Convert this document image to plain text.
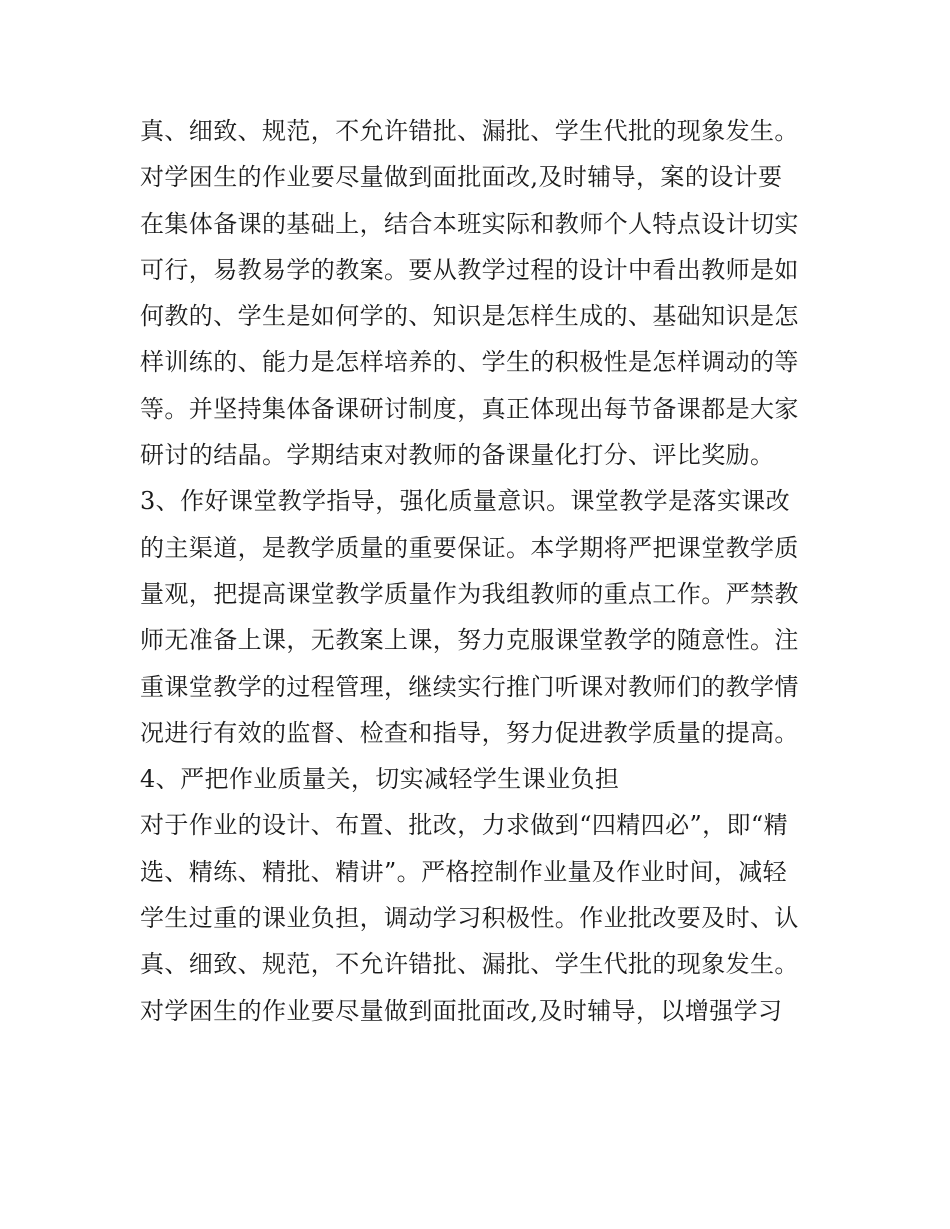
真、细致、规范，不允许错批、漏批、学生代批的现象发生。
对学困生的作业要尽量做到面批面改,及时辅导，案的设计要
在集体备课的基础上，结合本班实际和教师个人特点设计切实
可行，易教易学的教案。要从教学过程的设计中看出教师是如
何教的、学生是如何学的、知识是怎样生成的、基础知识是怎
样训练的、能力是怎样培养的、学生的积极性是怎样调动的等
等。并坚持集体备课研讨制度，真正体现出每节备课都是大家
研讨的结晶。学期结束对教师的备课量化打分、评比奖励。
3、作好课堂教学指导，强化质量意识。课堂教学是落实课改
的主渠道，是教学质量的重要保证。本学期将严把课堂教学质
量观，把提高课堂教学质量作为我组教师的重点工作。严禁教
师无准备上课，无教案上课，努力克服课堂教学的随意性。注
重课堂教学的过程管理，继续实行推门听课对教师们的教学情
况进行有效的监督、检查和指导，努力促进教学质量的提高。
4、严把作业质量关，切实减轻学生课业负担
对于作业的设计、布置、批改，力求做到“四精四必”，即“精
选、精练、精批、精讲”。严格控制作业量及作业时间，减轻
学生过重的课业负担，调动学习积极性。作业批改要及时、认
真、细致、规范，不允许错批、漏批、学生代批的现象发生。
对学困生的作业要尽量做到面批面改,及时辅导，以增强学习
